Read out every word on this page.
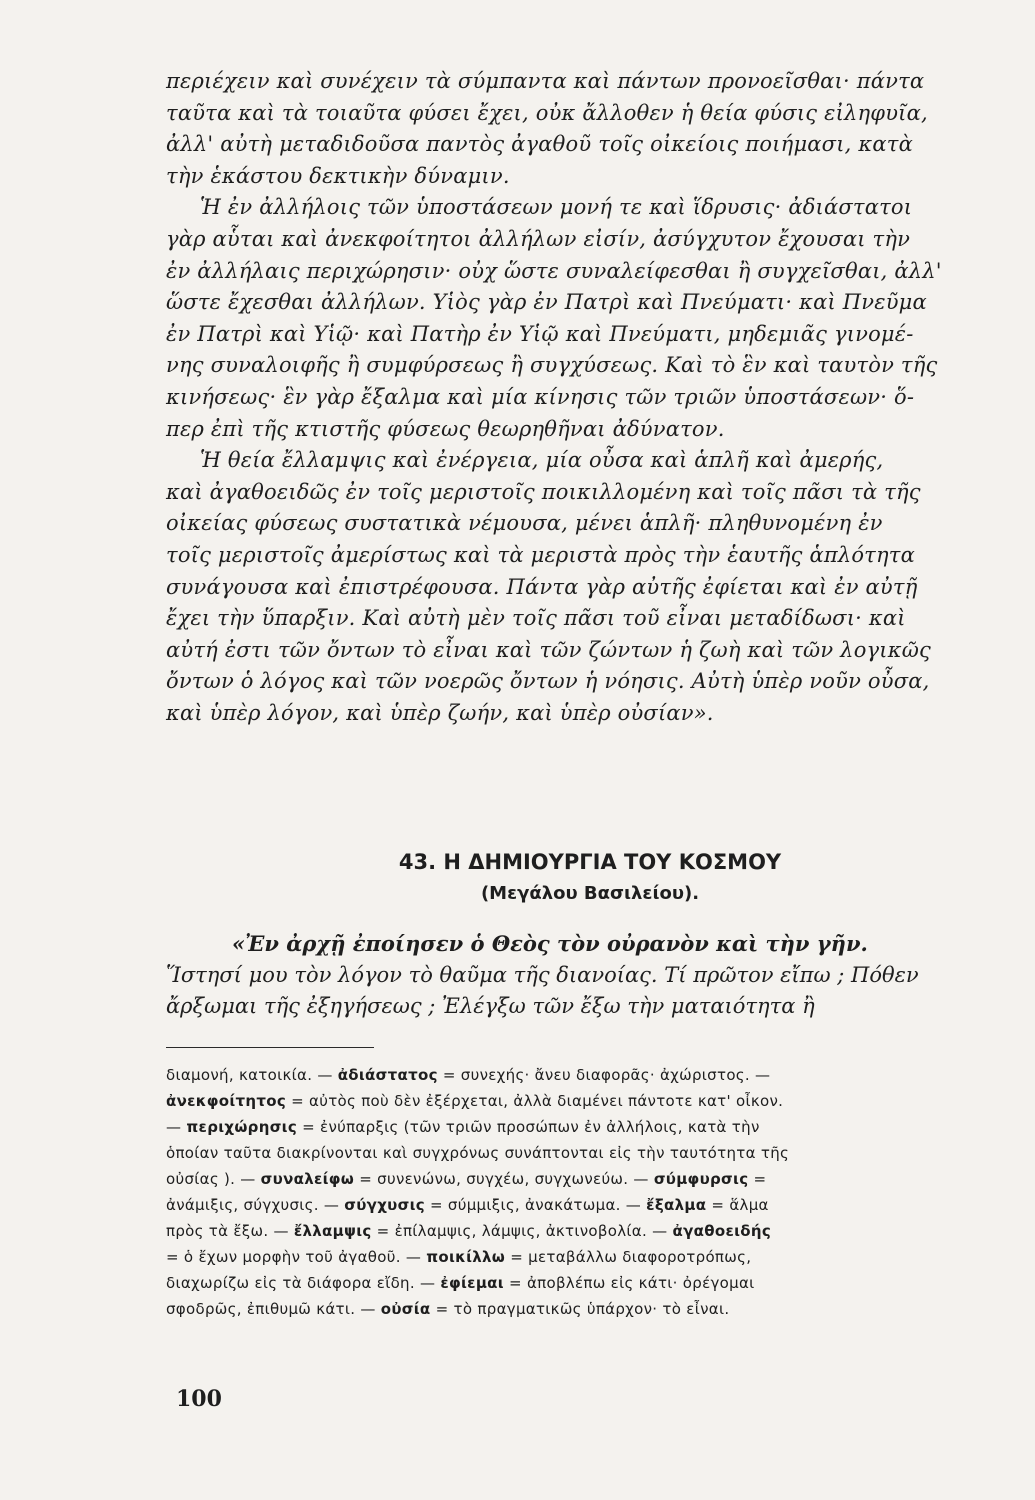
περιέχειν καὶ συνέχειν τὰ σύμπαντα καὶ πάντων προνοεῖσθαι· πάντα

ταῦτα καὶ τὰ τοιαῦτα φύσει ἔχει, οὐκ ἄλλοθεν ἡ θεία φύσις εἰληφυῖα,

ἀλλ' αὐτὴ μεταδιδοῦσα παντὸς ἀγαθοῦ τοῖς οἰκείοις ποιήμασι, κατὰ

τὴν ἑκάστου δεκτικὴν δύναμιν.

Ἡ ἐν ἀλλήλοις τῶν ὑποστάσεων μονή τε καὶ ἵδρυσις· ἀδιάστατοι

γὰρ αὗται καὶ ἀνεκφοίτητοι ἀλλήλων εἰσίν, ἀσύγχυτον ἔχουσαι τὴν

ἐν ἀλλήλαις περιχώρησιν· οὐχ ὥστε συναλείφεσθαι ἢ συγχεῖσθαι, ἀλλ'

ὥστε ἔχεσθαι ἀλλήλων. Υἱὸς γὰρ ἐν Πατρὶ καὶ Πνεύματι· καὶ Πνεῦμα

ἐν Πατρὶ καὶ Υἱῷ· καὶ Πατὴρ ἐν Υἱῷ καὶ Πνεύματι, μηδεμιᾶς γινομέ-

νης συναλοιφῆς ἢ συμφύρσεως ἢ συγχύσεως. Καὶ τὸ ἓν καὶ ταυτὸν τῆς

κινήσεως· ἓν γὰρ ἔξαλμα καὶ μία κίνησις τῶν τριῶν ὑποστάσεων· ὅ-

περ ἐπὶ τῆς κτιστῆς φύσεως θεωρηθῆναι ἀδύνατον.

Ἡ θεία ἔλλαμψις καὶ ἐνέργεια, μία οὖσα καὶ ἁπλῆ καὶ ἀμερής,

καὶ ἀγαθοειδῶς ἐν τοῖς μεριστοῖς ποικιλλομένη καὶ τοῖς πᾶσι τὰ τῆς

οἰκείας φύσεως συστατικὰ νέμουσα, μένει ἁπλῆ· πληθυνομένη ἐν

τοῖς μεριστοῖς ἀμερίστως καὶ τὰ μεριστὰ πρὸς τὴν ἑαυτῆς ἁπλότητα

συνάγουσα καὶ ἐπιστρέφουσα. Πάντα γὰρ αὐτῆς ἐφίεται καὶ ἐν αὐτῇ

ἔχει τὴν ὕπαρξιν. Καὶ αὐτὴ μὲν τοῖς πᾶσι τοῦ εἶναι μεταδίδωσι· καὶ

αὐτή ἐστι τῶν ὄντων τὸ εἶναι καὶ τῶν ζώντων ἡ ζωὴ καὶ τῶν λογικῶς

ὄντων ὁ λόγος καὶ τῶν νοερῶς ὄντων ἡ νόησις. Αὐτὴ ὑπὲρ νοῦν οὖσα,

καὶ ὑπὲρ λόγον, καὶ ὑπὲρ ζωήν, καὶ ὑπὲρ οὐσίαν».

43. Η ΔΗΜΙΟΥΡΓΙΑ ΤΟΥ ΚΟΣΜΟΥ
(Μεγάλου Βασιλείου).

«Ἐν ἀρχῇ ἐποίησεν ὁ Θεὸς τὸν οὐρανὸν καὶ τὴν γῆν.

Ἵστησί μου τὸν λόγον τὸ θαῦμα τῆς διανοίας. Τί πρῶτον εἴπω ; Πόθεν

ἄρξωμαι τῆς ἐξηγήσεως ; Ἐλέγξω τῶν ἔξω τὴν ματαιότητα ἢ

διαμονή, κατοικία. — ἀδιάστατος = συνεχής· ἄνευ διαφορᾶς· ἀχώριστος. —

ἀνεκφοίτητος = αὐτὸς ποὺ δὲν ἐξέρχεται, ἀλλὰ διαμένει πάντοτε κατ' οἶκον.

— περιχώρησις = ἐνύπαρξις (τῶν τριῶν προσώπων ἐν ἀλλήλοις, κατὰ τὴν

ὁποίαν ταῦτα διακρίνονται καὶ συγχρόνως συνάπτονται εἰς τὴν ταυτότητα τῆς

οὐσίας ). — συναλείφω = συνενώνω, συγχέω, συγχωνεύω. — σύμφυρσις =

ἀνάμιξις, σύγχυσις. — σύγχυσις = σύμμιξις, ἀνακάτωμα. — ἔξαλμα = ἅλμα

πρὸς τὰ ἔξω. — ἔλλαμψις = ἐπίλαμψις, λάμψις, ἀκτινοβολία. — ἀγαθοειδής

= ὁ ἔχων μορφὴν τοῦ ἀγαθοῦ. — ποικίλλω = μεταβάλλω διαφοροτρόπως,

διαχωρίζω εἰς τὰ διάφορα εἴδη. — ἐφίεμαι = ἀποβλέπω εἰς κάτι· ὀρέγομαι

σφοδρῶς, ἐπιθυμῶ κάτι. — οὐσία = τὸ πραγματικῶς ὑπάρχον· τὸ εἶναι.

100
